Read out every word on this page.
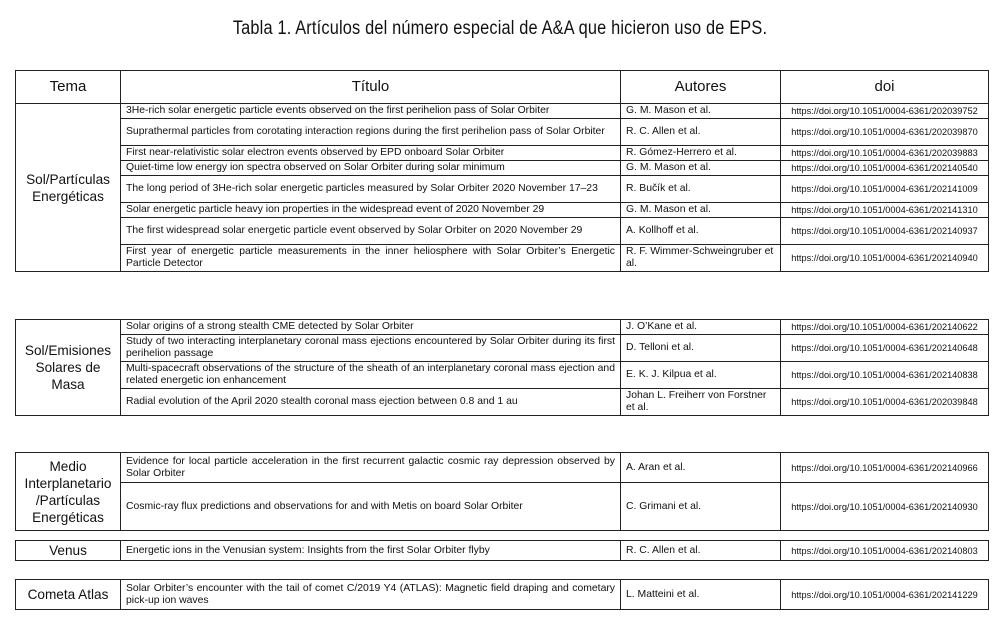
Tabla 1. Artículos del número especial de A&A que hicieron uso de EPS.
Tema	Título	Autores	doi
Sol/Partículas Energéticas	3He-rich solar energetic particle events observed on the first perihelion pass of Solar Orbiter	G. M. Mason et al.	https://doi.org/10.1051/0004-6361/202039752
	Suprathermal particles from corotating interaction regions during the first perihelion pass of Solar Orbiter	R. C. Allen et al.	https://doi.org/10.1051/0004-6361/202039870
	First near-relativistic solar electron events observed by EPD onboard Solar Orbiter	R. Gómez-Herrero et al.	https://doi.org/10.1051/0004-6361/202039883
	Quiet-time low energy ion spectra observed on Solar Orbiter during solar minimum	G. M. Mason et al.	https://doi.org/10.1051/0004-6361/202140540
	The long period of 3He-rich solar energetic particles measured by Solar Orbiter 2020 November 17–23	R. Bučík et al.	https://doi.org/10.1051/0004-6361/202141009
	Solar energetic particle heavy ion properties in the widespread event of 2020 November 29	G. M. Mason et al.	https://doi.org/10.1051/0004-6361/202141310
	The first widespread solar energetic particle event observed by Solar Orbiter on 2020 November 29	A. Kollhoff et al.	https://doi.org/10.1051/0004-6361/202140937
	First year of energetic particle measurements in the inner heliosphere with Solar Orbiter’s Energetic Particle Detector	R. F. Wimmer-Schweingruber et al.	https://doi.org/10.1051/0004-6361/202140940
Sol/Emisiones Solares de Masa	Solar origins of a strong stealth CME detected by Solar Orbiter	J. O’Kane et al.	https://doi.org/10.1051/0004-6361/202140622
	Study of two interacting interplanetary coronal mass ejections encountered by Solar Orbiter during its first perihelion passage	D. Telloni et al.	https://doi.org/10.1051/0004-6361/202140648
	Multi-spacecraft observations of the structure of the sheath of an interplanetary coronal mass ejection and related energetic ion enhancement	E. K. J. Kilpua et al.	https://doi.org/10.1051/0004-6361/202140838
	Radial evolution of the April 2020 stealth coronal mass ejection between 0.8 and 1 au	Johan L. Freiherr von Forstner et al.	https://doi.org/10.1051/0004-6361/202039848
Medio Interplanetario /Partículas Energéticas	Evidence for local particle acceleration in the first recurrent galactic cosmic ray depression observed by Solar Orbiter	A. Aran et al.	https://doi.org/10.1051/0004-6361/202140966
	Cosmic-ray flux predictions and observations for and with Metis on board Solar Orbiter	C. Grimani et al.	https://doi.org/10.1051/0004-6361/202140930
Venus	Energetic ions in the Venusian system: Insights from the first Solar Orbiter flyby	R. C. Allen et al.	https://doi.org/10.1051/0004-6361/202140803
Cometa Atlas	Solar Orbiter’s encounter with the tail of comet C/2019 Y4 (ATLAS): Magnetic field draping and cometary pick-up ion waves	L. Matteini et al.	https://doi.org/10.1051/0004-6361/202141229
